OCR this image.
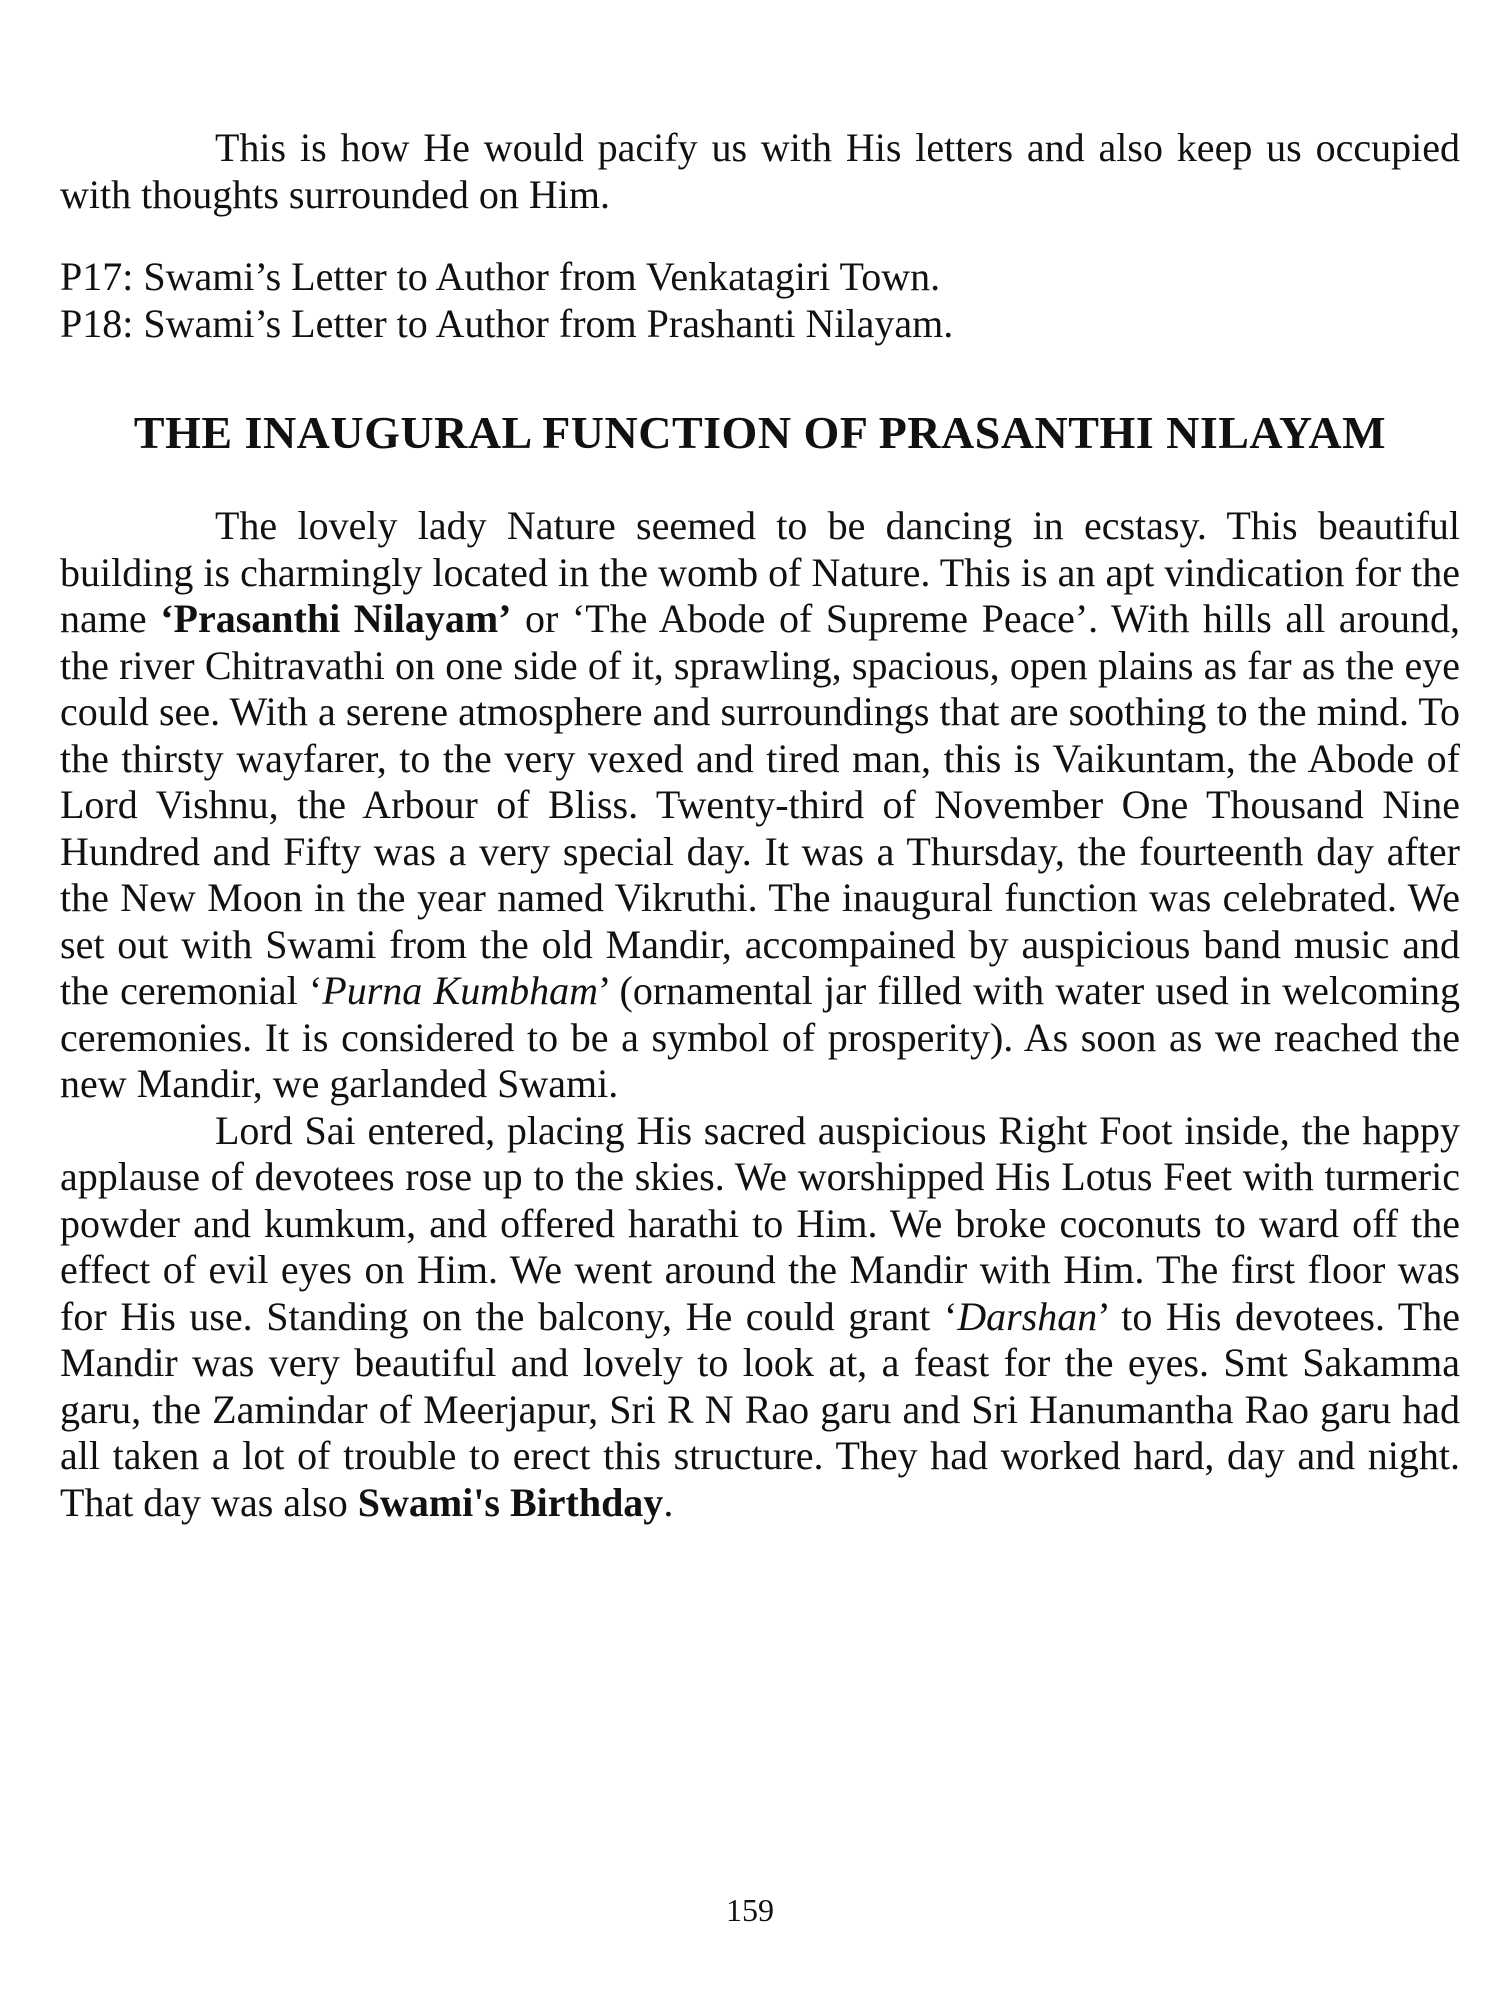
This is how He would pacify us with His letters and also keep us occupied with thoughts surrounded on Him.

P17: Swami’s Letter to Author from Venkatagiri Town.

P18: Swami’s Letter to Author from Prashanti Nilayam.

THE INAUGURAL FUNCTION OF PRASANTHI NILAYAM

The lovely lady Nature seemed to be dancing in ecstasy. This beautiful building is charmingly located in the womb of Nature. This is an apt vindication for the name ‘Prasanthi Nilayam’ or ‘The Abode of Supreme Peace’. With hills all around, the river Chitravathi on one side of it, sprawling, spacious, open plains as far as the eye could see. With a serene atmosphere and surroundings that are soothing to the mind. To the thirsty wayfarer, to the very vexed and tired man, this is Vaikuntam, the Abode of Lord Vishnu, the Arbour of Bliss. Twenty-third of November One Thousand Nine Hundred and Fifty was a very special day. It was a Thursday, the fourteenth day after the New Moon in the year named Vikruthi. The inaugural function was celebrated. We set out with Swami from the old Mandir, accompained by auspicious band music and the ceremonial ‘Purna Kumbham’ (ornamental jar filled with water used in welcoming ceremonies. It is considered to be a symbol of prosperity). As soon as we reached the new Mandir, we garlanded Swami.

Lord Sai entered, placing His sacred auspicious Right Foot inside, the happy applause of devotees rose up to the skies. We worshipped His Lotus Feet with turmeric powder and kumkum, and offered harathi to Him. We broke coconuts to ward off the effect of evil eyes on Him. We went around the Mandir with Him. The first floor was for His use. Standing on the balcony, He could grant ‘Darshan’ to His devotees. The Mandir was very beautiful and lovely to look at, a feast for the eyes. Smt Sakamma garu, the Zamindar of Meerjapur, Sri R N Rao garu and Sri Hanumantha Rao garu had all taken a lot of trouble to erect this structure. They had worked hard, day and night. That day was also Swami's Birthday.

159
